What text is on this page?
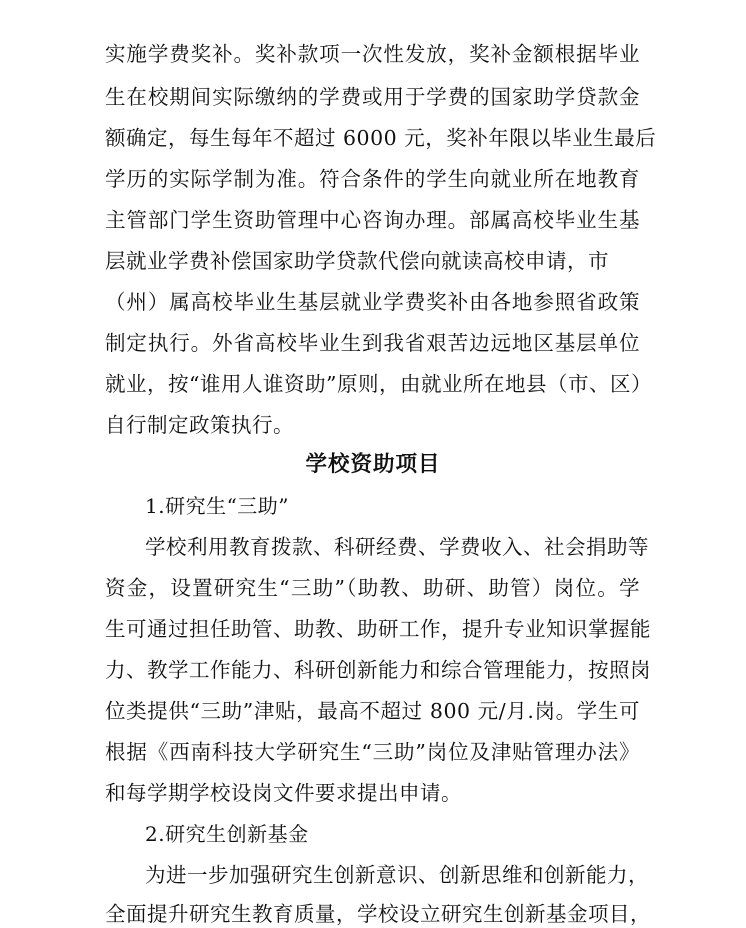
实施学费奖补。奖补款项一次性发放，奖补金额根据毕业
生在校期间实际缴纳的学费或用于学费的国家助学贷款金
额确定，每生每年不超过 6000 元，奖补年限以毕业生最后
学历的实际学制为准。符合条件的学生向就业所在地教育
主管部门学生资助管理中心咨询办理。部属高校毕业生基
层就业学费补偿国家助学贷款代偿向就读高校申请，市
（州）属高校毕业生基层就业学费奖补由各地参照省政策
制定执行。外省高校毕业生到我省艰苦边远地区基层单位
就业，按“谁用人谁资助”原则，由就业所在地县（市、区）
自行制定政策执行。
学校资助项目
1.研究生“三助”
学校利用教育拨款、科研经费、学费收入、社会捐助等
资金，设置研究生“三助”（助教、助研、助管）岗位。学
生可通过担任助管、助教、助研工作，提升专业知识掌握能
力、教学工作能力、科研创新能力和综合管理能力，按照岗
位类提供“三助”津贴，最高不超过 800 元/月.岗。学生可
根据《西南科技大学研究生“三助”岗位及津贴管理办法》
和每学期学校设岗文件要求提出申请。
2.研究生创新基金
为进一步加强研究生创新意识、创新思维和创新能力，
全面提升研究生教育质量，学校设立研究生创新基金项目，
